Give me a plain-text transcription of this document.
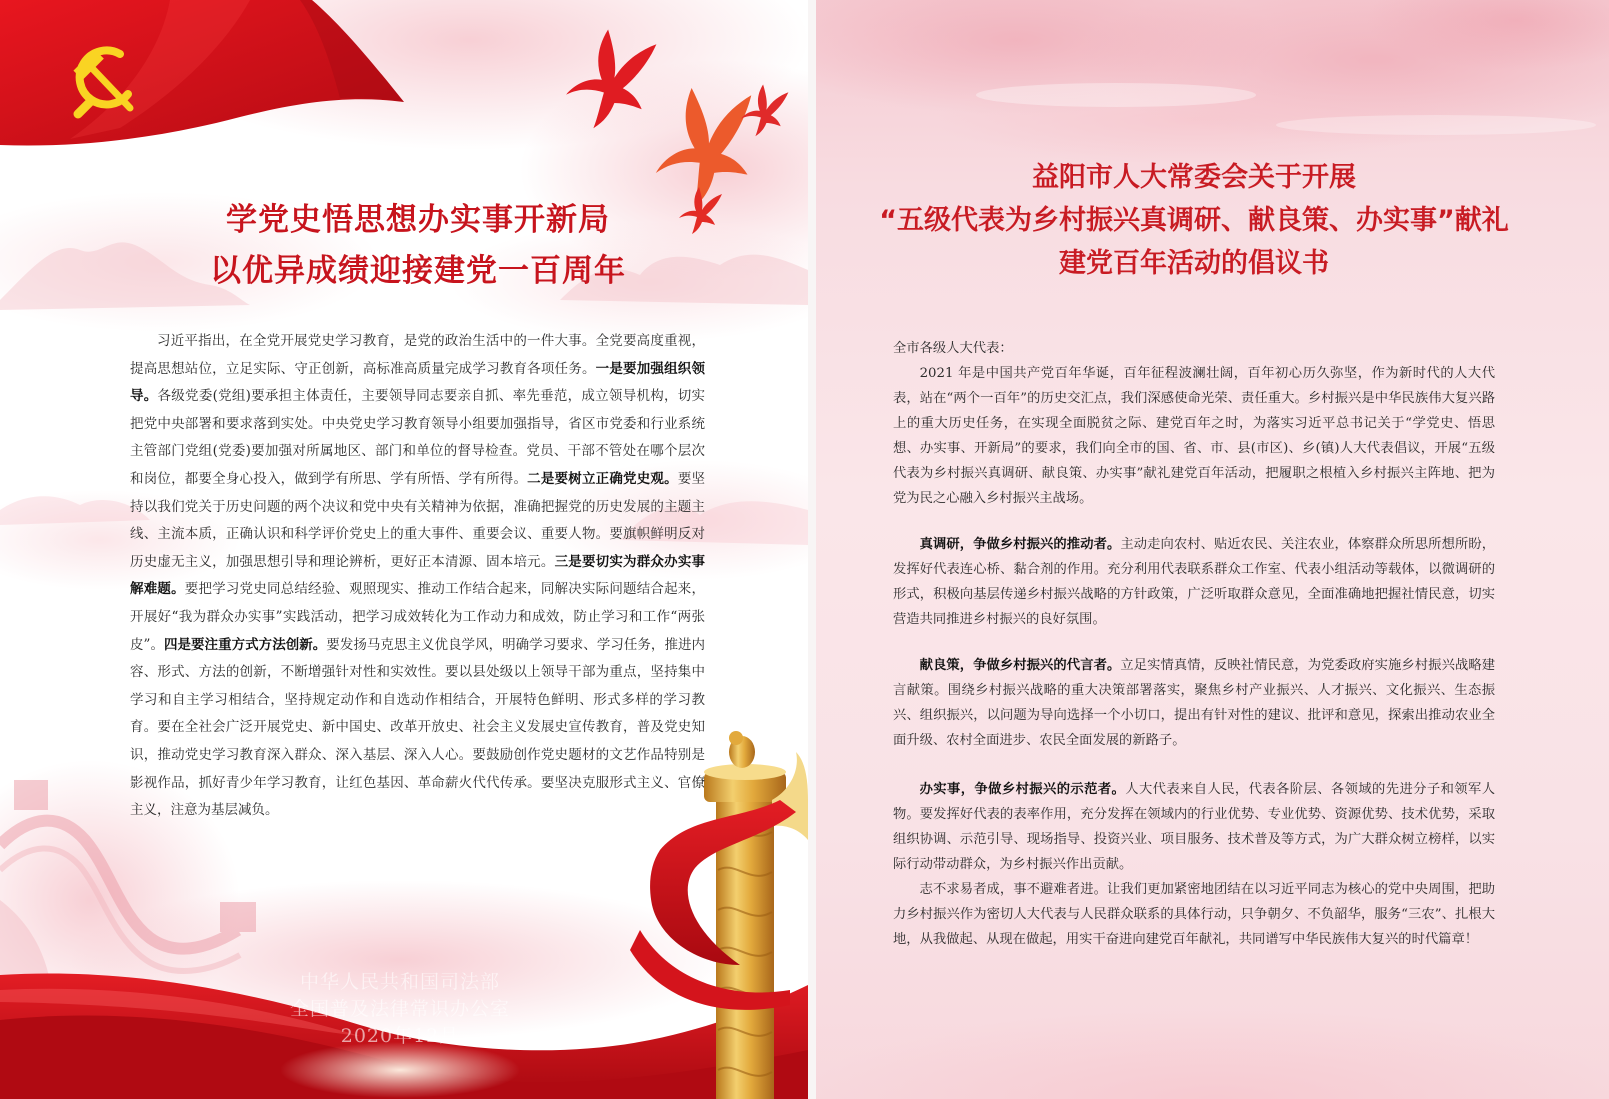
学党史悟思想办实事开新局
以优异成绩迎接建党一百周年

习近平指出，在全党开展党史学习教育，是党的政治生活中的一件大事。全党要高度重视，提高思想站位，立足实际、守正创新，高标准高质量完成学习教育各项任务。一是要加强组织领导。各级党委(党组)要承担主体责任，主要领导同志要亲自抓、率先垂范，成立领导机构，切实把党中央部署和要求落到实处。中央党史学习教育领导小组要加强指导，省区市党委和行业系统主管部门党组(党委)要加强对所属地区、部门和单位的督导检查。党员、干部不管处在哪个层次和岗位，都要全身心投入，做到学有所思、学有所悟、学有所得。二是要树立正确党史观。要坚持以我们党关于历史问题的两个决议和党中央有关精神为依据，准确把握党的历史发展的主题主线、主流本质，正确认识和科学评价党史上的重大事件、重要会议、重要人物。要旗帜鲜明反对历史虚无主义，加强思想引导和理论辨析，更好正本清源、固本培元。三是要切实为群众办实事解难题。要把学习党史同总结经验、观照现实、推动工作结合起来，同解决实际问题结合起来，开展好“我为群众办实事”实践活动，把学习成效转化为工作动力和成效，防止学习和工作“两张皮”。四是要注重方式方法创新。要发扬马克思主义优良学风，明确学习要求、学习任务，推进内容、形式、方法的创新，不断增强针对性和实效性。要以县处级以上领导干部为重点，坚持集中学习和自主学习相结合，坚持规定动作和自选动作相结合，开展特色鲜明、形式多样的学习教育。要在全社会广泛开展党史、新中国史、改革开放史、社会主义发展史宣传教育，普及党史知识，推动党史学习教育深入群众、深入基层、深入人心。要鼓励创作党史题材的文艺作品特别是影视作品，抓好青少年学习教育，让红色基因、革命薪火代代传承。要坚决克服形式主义、官僚主义，注意为基层减负。

中华人民共和国司法部
全国普及法律常识办公室
2020年12月
益阳市人大常委会关于开展
“五级代表为乡村振兴真调研、献良策、办实事”献礼
建党百年活动的倡议书

全市各级人大代表：

2021 年是中国共产党百年华诞，百年征程波澜壮阔，百年初心历久弥坚，作为新时代的人大代表，站在“两个一百年”的历史交汇点，我们深感使命光荣、责任重大。乡村振兴是中华民族伟大复兴路上的重大历史任务，在实现全面脱贫之际、建党百年之时，为落实习近平总书记关于“学党史、悟思想、办实事、开新局”的要求，我们向全市的国、省、市、县(市区)、乡(镇)人大代表倡议，开展“五级代表为乡村振兴真调研、献良策、办实事”献礼建党百年活动，把履职之根植入乡村振兴主阵地、把为党为民之心融入乡村振兴主战场。

真调研，争做乡村振兴的推动者。主动走向农村、贴近农民、关注农业，体察群众所思所想所盼，发挥好代表连心桥、黏合剂的作用。充分利用代表联系群众工作室、代表小组活动等载体，以微调研的形式，积极向基层传递乡村振兴战略的方针政策，广泛听取群众意见，全面准确地把握社情民意，切实营造共同推进乡村振兴的良好氛围。

献良策，争做乡村振兴的代言者。立足实情真情，反映社情民意，为党委政府实施乡村振兴战略建言献策。围绕乡村振兴战略的重大决策部署落实，聚焦乡村产业振兴、人才振兴、文化振兴、生态振兴、组织振兴，以问题为导向选择一个小切口，提出有针对性的建议、批评和意见，探索出推动农业全面升级、农村全面进步、农民全面发展的新路子。

办实事，争做乡村振兴的示范者。人大代表来自人民，代表各阶层、各领域的先进分子和领军人物。要发挥好代表的表率作用，充分发挥在领域内的行业优势、专业优势、资源优势、技术优势，采取组织协调、示范引导、现场指导、投资兴业、项目服务、技术普及等方式，为广大群众树立榜样，以实际行动带动群众，为乡村振兴作出贡献。

志不求易者成，事不避难者进。让我们更加紧密地团结在以习近平同志为核心的党中央周围，把助力乡村振兴作为密切人大代表与人民群众联系的具体行动，只争朝夕、不负韶华，服务“三农”、扎根大地，从我做起、从现在做起，用实干奋进向建党百年献礼，共同谱写中华民族伟大复兴的时代篇章！
